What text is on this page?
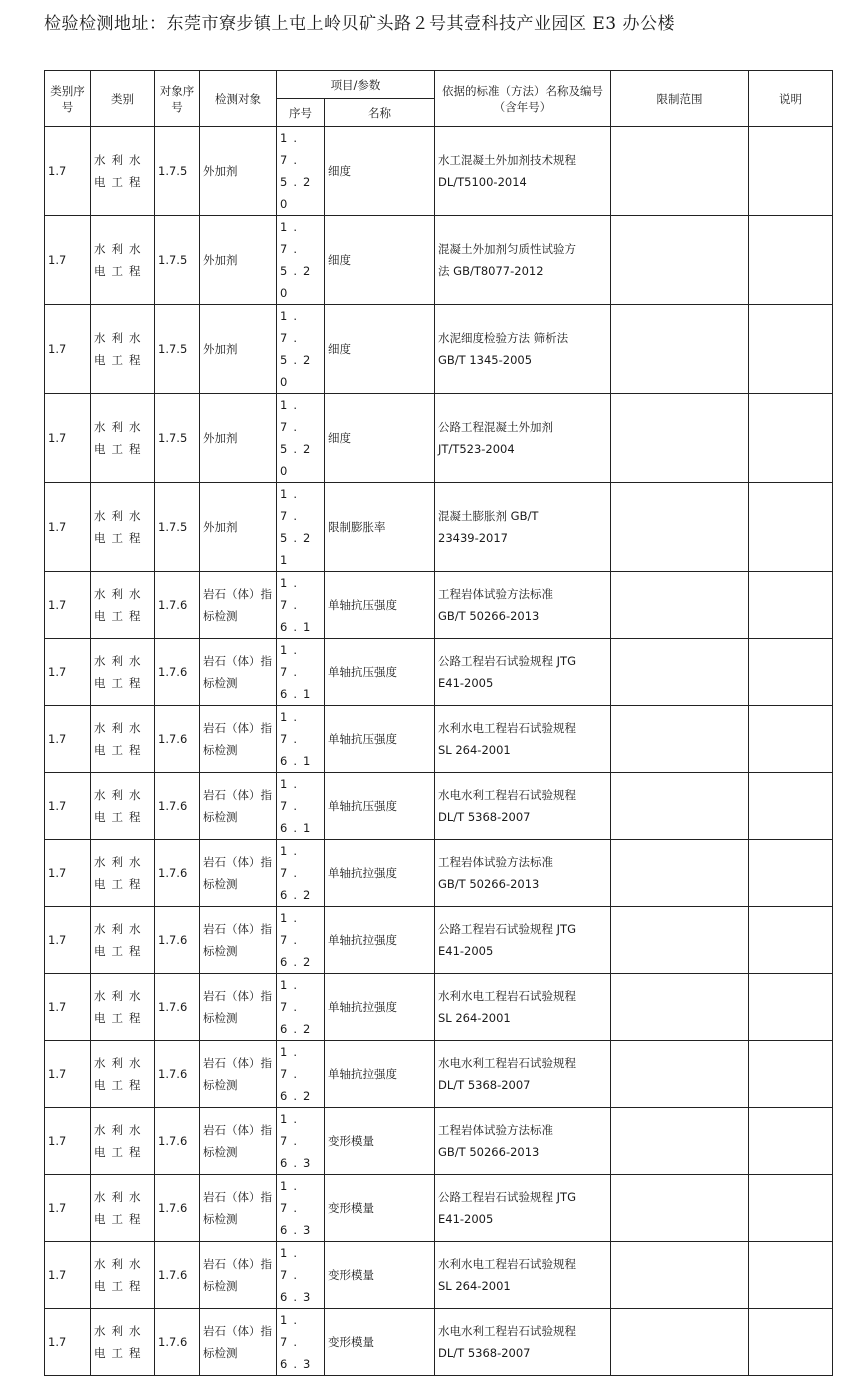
检验检测地址：东莞市寮步镇上屯上岭贝矿头路２号其壹科技产业园区 E3 办公楼
类别序号	类别	对象序号	检测对象	项目/参数		依据的标准（方法）名称及编号（含年号）	限制范围	说明
				序号	名称			
1.7	水利水电工程	1.7.5	外加剂	1.7.5.20	细度	水工混凝土外加剂技术规程
DL/T5100-2014		

1.7	水利水电工程	1.7.5	外加剂	1.7.5.20	细度	混凝土外加剂匀质性试验方
法 GB/T8077-2012		

1.7	水利水电工程	1.7.5	外加剂	1.7.5.20	细度	水泥细度检验方法 筛析法
GB/T 1345-2005		

1.7	水利水电工程	1.7.5	外加剂	1.7.5.20	细度	公路工程混凝土外加剂
JT/T523-2004		

1.7	水利水电工程	1.7.5	外加剂	1.7.5.21	限制膨胀率	混凝土膨胀剂 GB/T
23439-2017		

1.7	水利水电工程	1.7.6	岩石（体）指标检测	1.7.6.1	单轴抗压强度	工程岩体试验方法标准
GB/T 50266-2013		

1.7	水利水电工程	1.7.6	岩石（体）指标检测	1.7.6.1	单轴抗压强度	公路工程岩石试验规程 JTG
E41-2005		

1.7	水利水电工程	1.7.6	岩石（体）指标检测	1.7.6.1	单轴抗压强度	水利水电工程岩石试验规程
SL 264-2001		

1.7	水利水电工程	1.7.6	岩石（体）指标检测	1.7.6.1	单轴抗压强度	水电水利工程岩石试验规程
DL/T 5368-2007		

1.7	水利水电工程	1.7.6	岩石（体）指标检测	1.7.6.2	单轴抗拉强度	工程岩体试验方法标准
GB/T 50266-2013		

1.7	水利水电工程	1.7.6	岩石（体）指标检测	1.7.6.2	单轴抗拉强度	公路工程岩石试验规程 JTG
E41-2005		

1.7	水利水电工程	1.7.6	岩石（体）指标检测	1.7.6.2	单轴抗拉强度	水利水电工程岩石试验规程
SL 264-2001		

1.7	水利水电工程	1.7.6	岩石（体）指标检测	1.7.6.2	单轴抗拉强度	水电水利工程岩石试验规程
DL/T 5368-2007		

1.7	水利水电工程	1.7.6	岩石（体）指标检测	1.7.6.3	变形模量	工程岩体试验方法标准
GB/T 50266-2013		

1.7	水利水电工程	1.7.6	岩石（体）指标检测	1.7.6.3	变形模量	公路工程岩石试验规程 JTG
E41-2005		

1.7	水利水电工程	1.7.6	岩石（体）指标检测	1.7.6.3	变形模量	水利水电工程岩石试验规程
SL 264-2001		

1.7	水利水电工程	1.7.6	岩石（体）指标检测	1.7.6.3	变形模量	水电水利工程岩石试验规程
DL/T 5368-2007		
